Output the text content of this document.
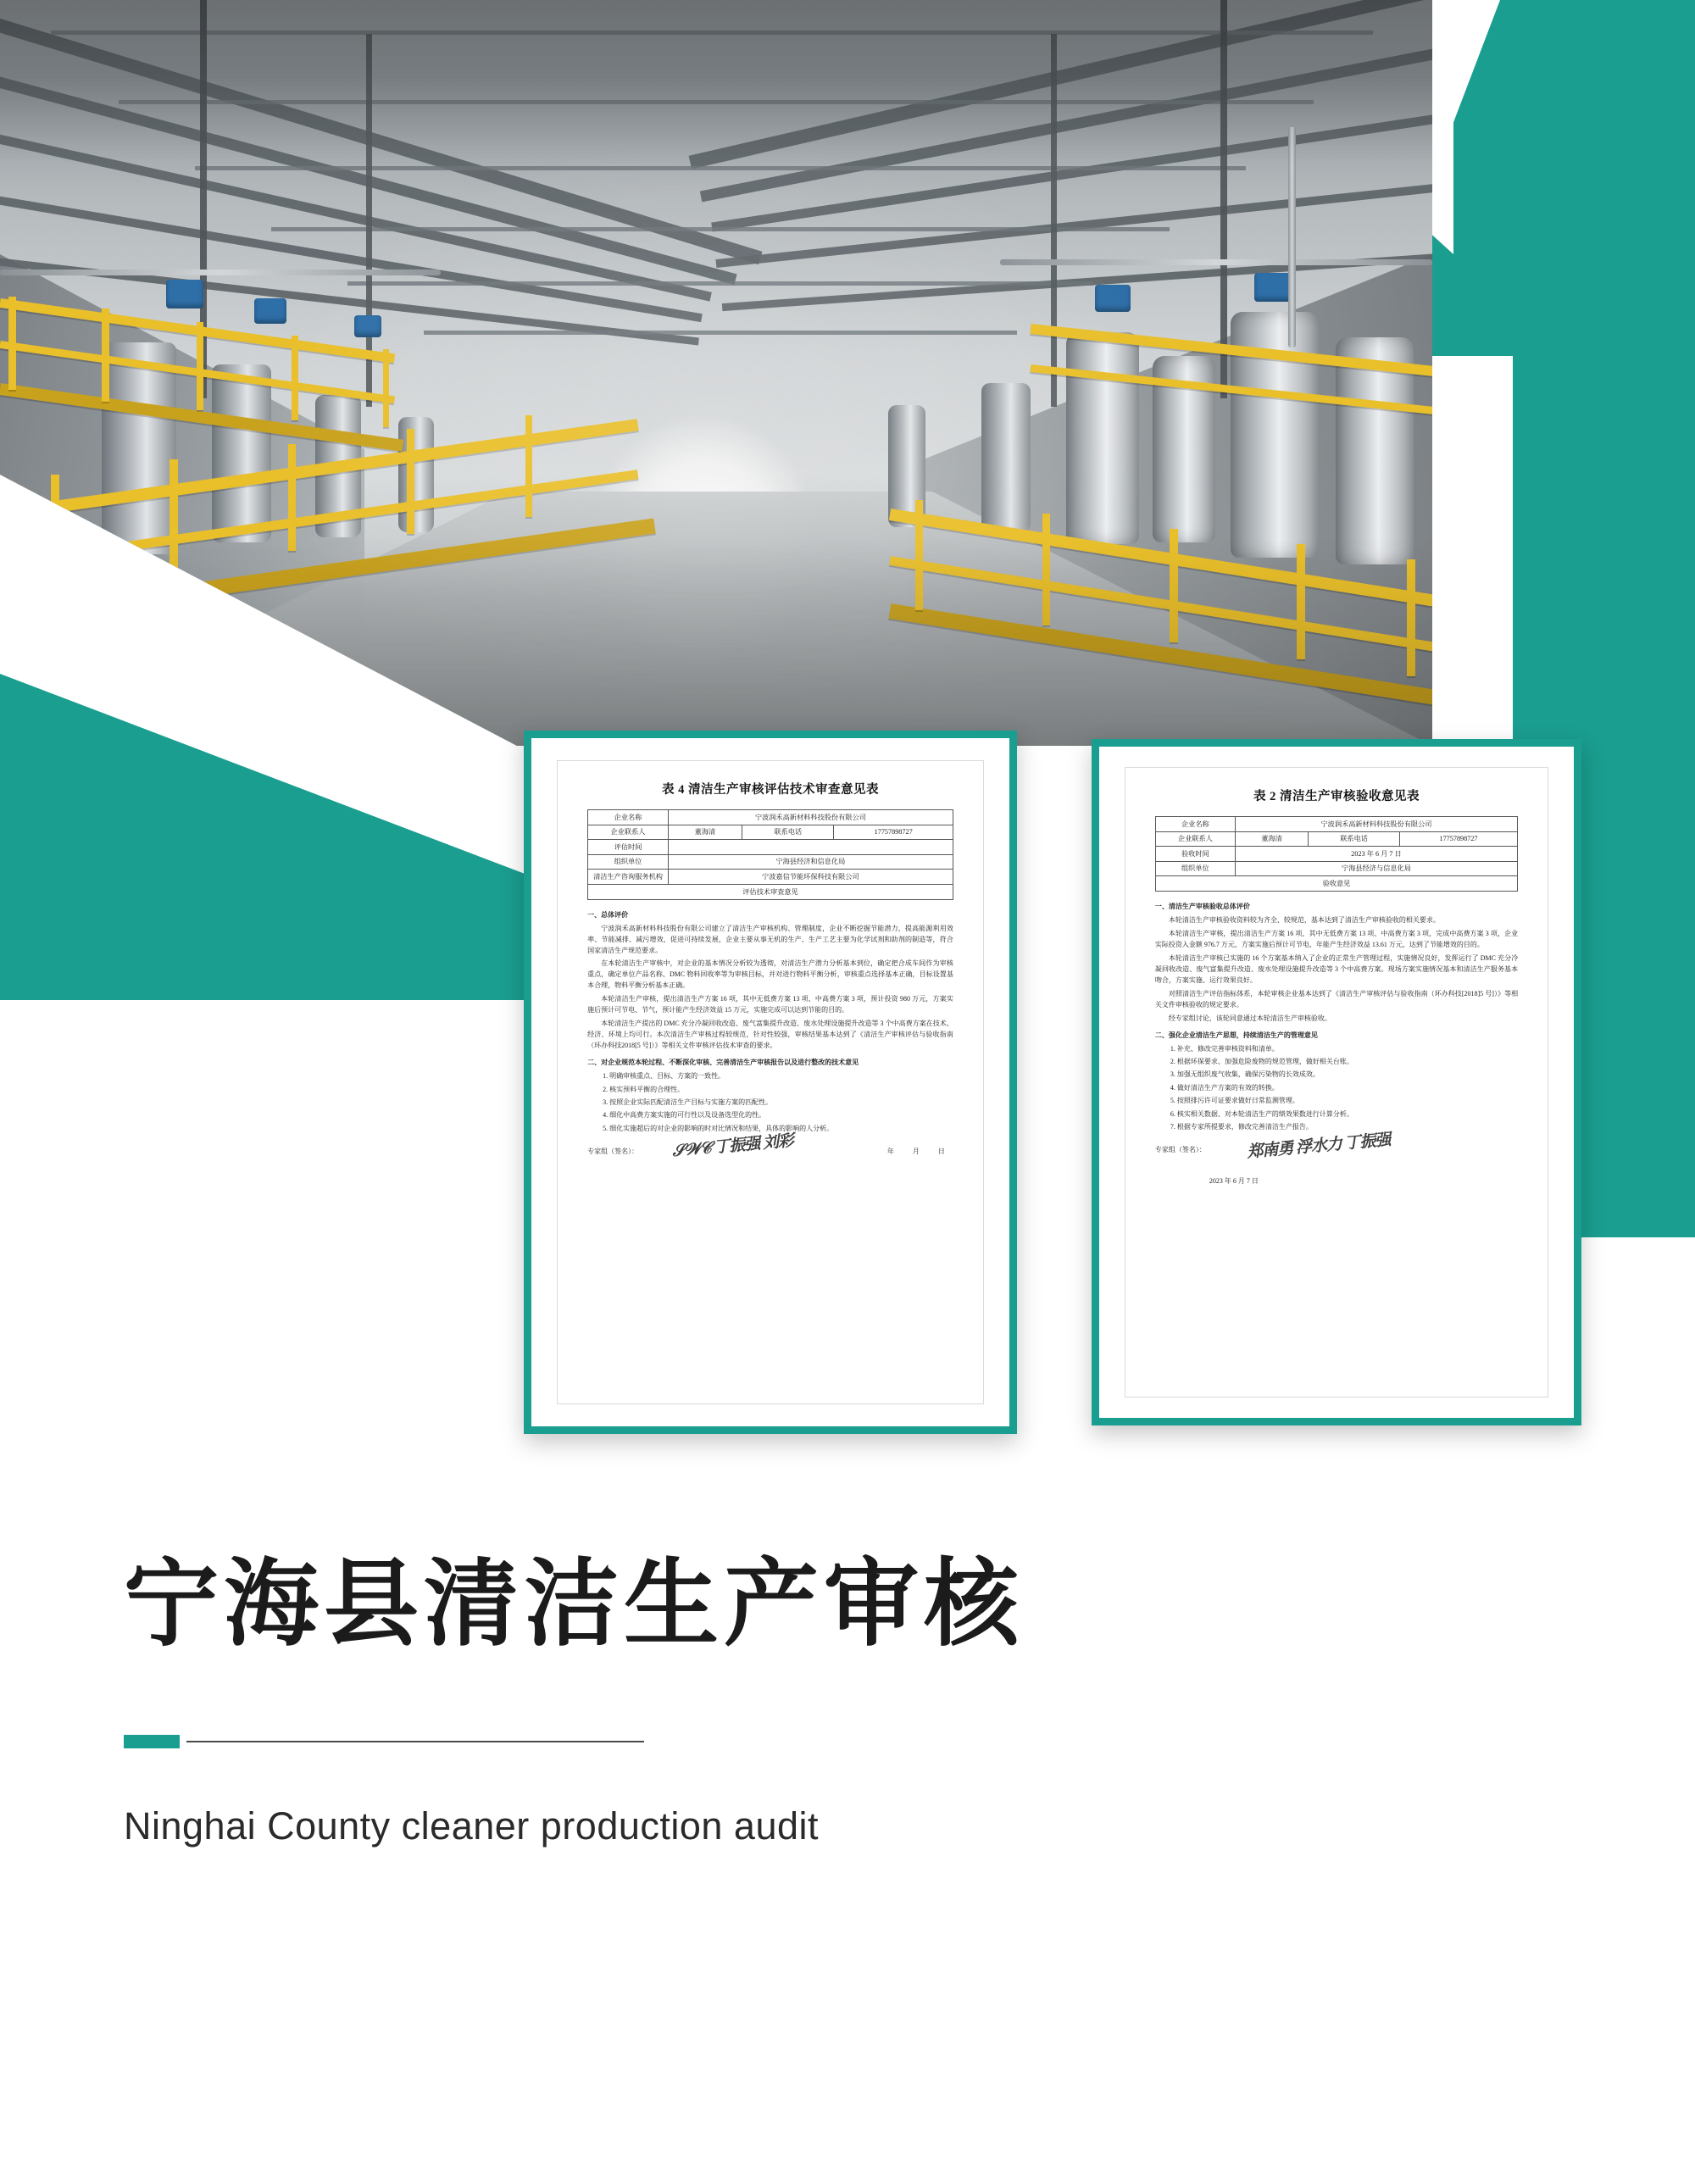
表 4 清洁生产审核评估技术审查意见表
企业名称	宁波润禾高新材料科技股份有限公司		
企业联系人	董海清	联系电话	17757898727
评估时间			
组织单位	宁海县经济和信息化局		
清洁生产咨询服务机构	宁波嘉信节能环保科技有限公司		
评估技术审查意见			
一、总体评价

宁波润禾高新材料科技股份有限公司建立了清洁生产审核机构、管理制度，企业不断挖掘节能潜力，提高能源利用效率、节能减排、减污增效，促进可持续发展，企业主要从事无机的生产、生产工艺主要为化学试剂和助剂的制造等，符合国家清洁生产规范要求。

在本轮清洁生产审核中，对企业的基本情况分析较为透彻，对清洁生产潜力分析基本到位，确定把合成车间作为审核重点，确定单位产品名称、DMC 物料回收率等为审核目标，并对进行物料平衡分析，审核重点选择基本正确，目标设置基本合理，物料平衡分析基本正确。

本轮清洁生产审核，提出清洁生产方案 16 项，其中无低费方案 13 项、中高费方案 3 项，预计投资 980 万元，方案实施后预计可节电、节气，预计能产生经济效益 15 万元，实施完成可以达到节能的目的。

本轮清洁生产提出的 DMC 充分冷凝回收改造、废气富集提升改造、废水处理设施提升改造等 3 个中高费方案在技术、经济、环境上均可行。本次清洁生产审核过程较规范，针对性较强，审核结果基本达到了《清洁生产审核评估与验收指南（环办科技2018[5 号]）》等相关文件审核评估技术审查的要求。

二、对企业规范本轮过程、不断深化审核、完善清洁生产审核报告以及进行整改的技术意见
1. 明确审核重点、目标、方案的一致性。
2. 核实预料平衡的合理性。
3. 按照企业实际匹配清洁生产目标与实施方案的匹配性。
4. 细化中高费方案实施的可行性以及设备选型化的性。
5. 细化实施超后的对企业的影响的时对比情况和结果，具体的影响的人分析。
专家组（签名）：	年 月 日
𝒮𝒲𝒞 丁振强 刘彩
表 2 清洁生产审核验收意见表
企业名称	宁波润禾高新材料科技股份有限公司		
企业联系人	董海清	联系电话	17757898727
验收时间	2023 年 6 月 7 日		
组织单位	宁海县经济与信息化局		
验收意见			
一、清洁生产审核验收总体评价

本轮清洁生产审核验收资料较为齐全、较规范，基本达到了清洁生产审核验收的相关要求。

本轮清洁生产审核，提出清洁生产方案 16 项，其中无低费方案 13 项、中高费方案 3 项，完成中高费方案 3 项，企业实际投资入金额 976.7 万元，方案实施后预计可节电、年能产生经济效益 13.61 万元，达到了节能增效的目的。

本轮清洁生产审核已实施的 16 个方案基本纳入了企业的正常生产管理过程，实施情况良好，发挥运行了 DMC 充分冷凝回收改造、废气富集提升改造、废水处理设施提升改造等 3 个中高费方案。现场方案实施情况基本和清洁生产服务基本吻合，方案实施、运行效果良好。

对照清洁生产评估指标体系，本轮审核企业基本达到了《清洁生产审核评估与验收指南（环办科技[2018]5 号]）》等相关文件审核验收的规定要求。

经专家组讨论，该轮同意通过本轮清洁生产审核验收。

二、强化企业清洁生产思想，持续清洁生产的管理意见
1. 补充、修改完善审核资料和清单。
2. 根据环保要求、加强危险废物的规范管理，做好相关台账。
3. 加强无组织废气收集，确保污染物的长效成效。
4. 做好清洁生产方案的有效的转换。
5. 按照排污许可证要求做好日常监测管理。
6. 核实相关数据、对本轮清洁生产的绩效果数进行计算分析。
7. 根据专家所提要求，修改完善清洁生产报告。
专家组（签名）：	郑南勇 浮水力 丁振强
2023 年 6 月 7 日
宁海县清洁生产审核
Ninghai County cleaner production audit
